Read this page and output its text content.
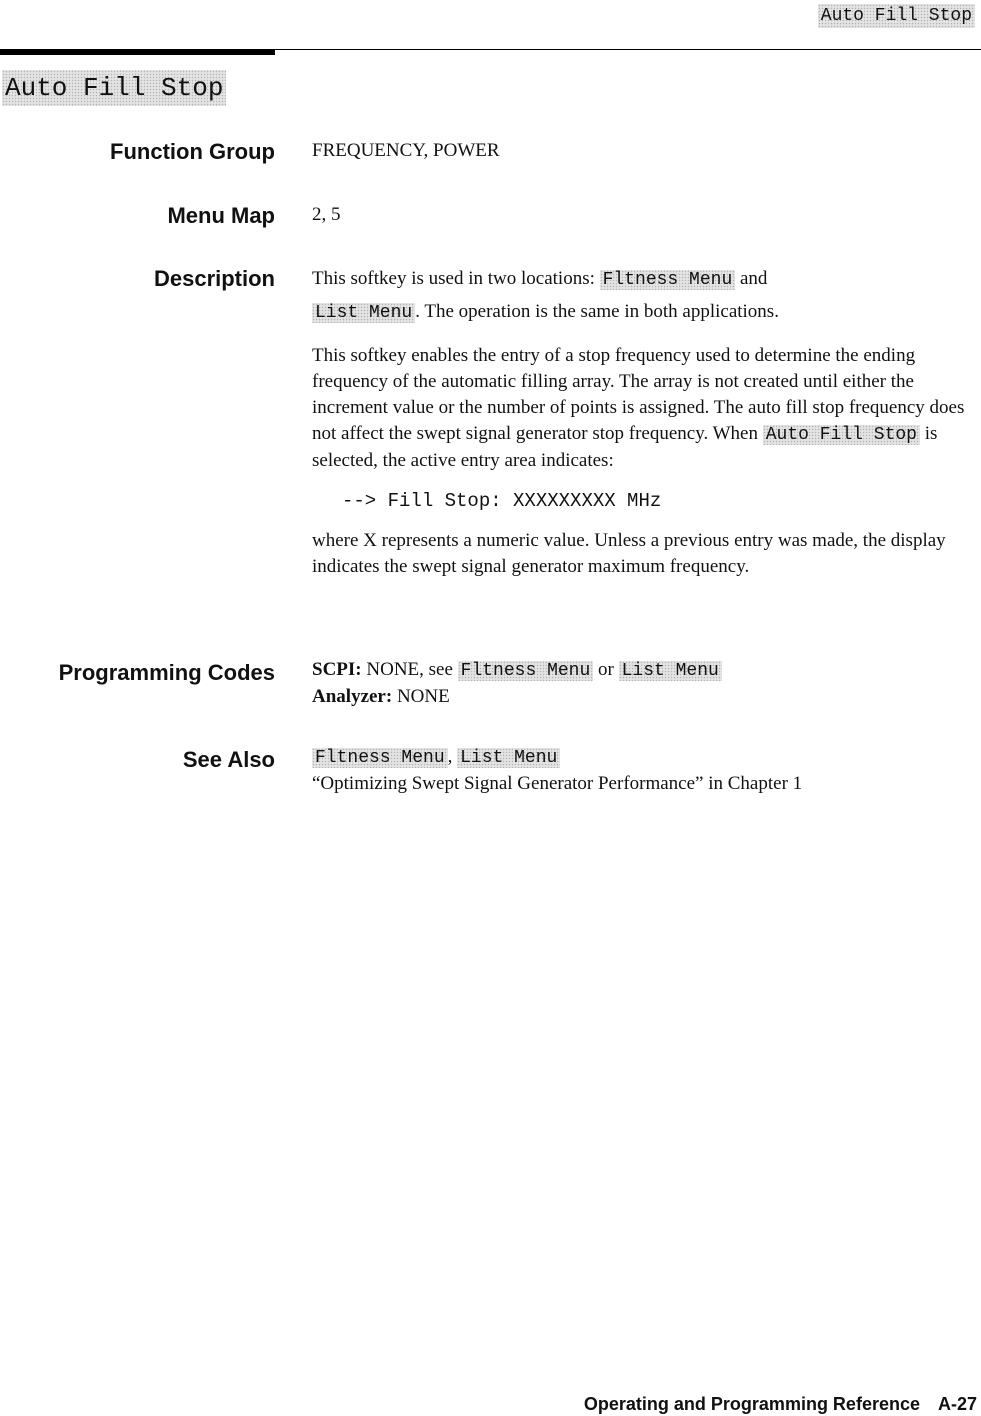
Auto Fill Stop
Auto Fill Stop
Function Group FREQUENCY, POWER

Menu Map 2, 5

Description This softkey is used in two locations: Fltness Menu and
List Menu . The operation is the same in both applications.

This softkey enables the entry of a stop frequency used to determine the ending frequency of the automatic filling array. The array is not created until either the increment value or the number of points is assigned. The auto fill stop frequency does not affect the swept signal generator stop frequency. When Auto Fill Stop is selected, the active entry area indicates:

--> Fill Stop: XXXXXXXXX MHz

where X represents a numeric value. Unless a previous entry was made, the display indicates the swept signal generator maximum frequency.

Programming Codes SCPI: NONE, see Fltness Menu or List Menu

Analyzer: NONE

See Also Fltness Menu , List Menu

“Optimizing Swept Signal Generator Performance” in Chapter 1

Operating and Programming Reference A-27
